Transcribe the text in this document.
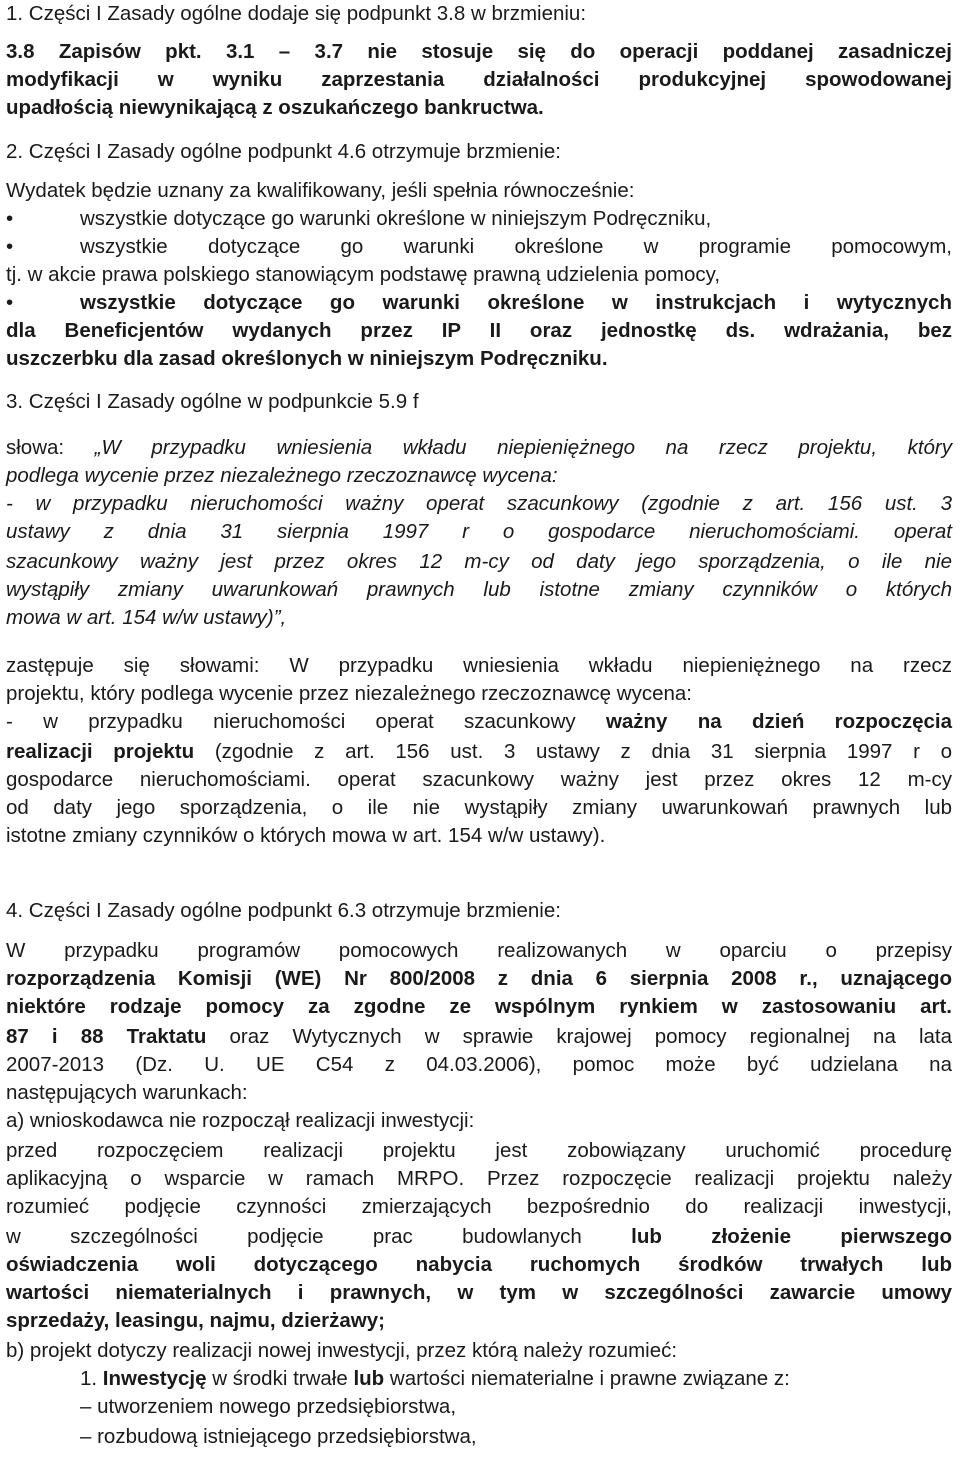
1. Części I Zasady ogólne dodaje się podpunkt 3.8 w brzmieniu:
3.8 Zapisów pkt. 3.1 – 3.7 nie stosuje się do operacji poddanej zasadniczej
modyfikacji w wyniku zaprzestania działalności produkcyjnej spowodowanej
upadłością niewynikającą z oszukańczego bankructwa.
2. Części I Zasady ogólne podpunkt 4.6 otrzymuje brzmienie:
Wydatek będzie uznany za kwalifikowany, jeśli spełnia równocześnie:
•	wszystkie dotyczące go warunki określone w niniejszym Podręczniku,
•	wszystkie dotyczące go warunki określone w programie pomocowym,
tj. w akcie prawa polskiego stanowiącym podstawę prawną udzielenia pomocy,
•	wszystkie dotyczące go warunki określone w instrukcjach i wytycznych
dla Beneficjentów wydanych przez IP II oraz jednostkę ds. wdrażania, bez
uszczerbku dla zasad określonych w niniejszym Podręczniku.
3. Części I Zasady ogólne w podpunkcie 5.9 f
słowa: „W przypadku wniesienia wkładu niepieniężnego na rzecz projektu, który
podlega wycenie przez niezależnego rzeczoznawcę wycena:
- w przypadku nieruchomości ważny operat szacunkowy (zgodnie z art. 156 ust. 3
ustawy z dnia 31 sierpnia 1997 r o gospodarce nieruchomościami. operat
szacunkowy ważny jest przez okres 12 m-cy od daty jego sporządzenia, o ile nie
wystąpiły zmiany uwarunkowań prawnych lub istotne zmiany czynników o których
mowa w art. 154 w/w ustawy)”,
zastępuje się słowami: W przypadku wniesienia wkładu niepieniężnego na rzecz
projektu, który podlega wycenie przez niezależnego rzeczoznawcę wycena:
- w przypadku nieruchomości operat szacunkowy ważny na dzień rozpoczęcia
realizacji projektu (zgodnie z art. 156 ust. 3 ustawy z dnia 31 sierpnia 1997 r o
gospodarce nieruchomościami. operat szacunkowy ważny jest przez okres 12 m-cy
od daty jego sporządzenia, o ile nie wystąpiły zmiany uwarunkowań prawnych lub
istotne zmiany czynników o których mowa w art. 154 w/w ustawy).
4. Części I Zasady ogólne podpunkt 6.3 otrzymuje brzmienie:
W przypadku programów pomocowych realizowanych w oparciu o przepisy
rozporządzenia Komisji (WE) Nr 800/2008 z dnia 6 sierpnia 2008 r., uznającego
niektóre rodzaje pomocy za zgodne ze wspólnym rynkiem w zastosowaniu art.
87 i 88 Traktatu oraz Wytycznych w sprawie krajowej pomocy regionalnej na lata
2007-2013 (Dz. U. UE C54 z 04.03.2006), pomoc może być udzielana na
następujących warunkach:
a) wnioskodawca nie rozpoczął realizacji inwestycji:
przed rozpoczęciem realizacji projektu jest zobowiązany uruchomić procedurę
aplikacyjną o wsparcie w ramach MRPO. Przez rozpoczęcie realizacji projektu należy
rozumieć podjęcie czynności zmierzających bezpośrednio do realizacji inwestycji,
w szczególności podjęcie prac budowlanych lub złożenie pierwszego
oświadczenia woli dotyczącego nabycia ruchomych środków trwałych lub
wartości niematerialnych i prawnych, w tym w szczególności zawarcie umowy
sprzedaży, leasingu, najmu, dzierżawy;
b) projekt dotyczy realizacji nowej inwestycji, przez którą należy rozumieć:
1. Inwestycję w środki trwałe lub wartości niematerialne i prawne związane z:
– utworzeniem nowego przedsiębiorstwa,
– rozbudową istniejącego przedsiębiorstwa,
